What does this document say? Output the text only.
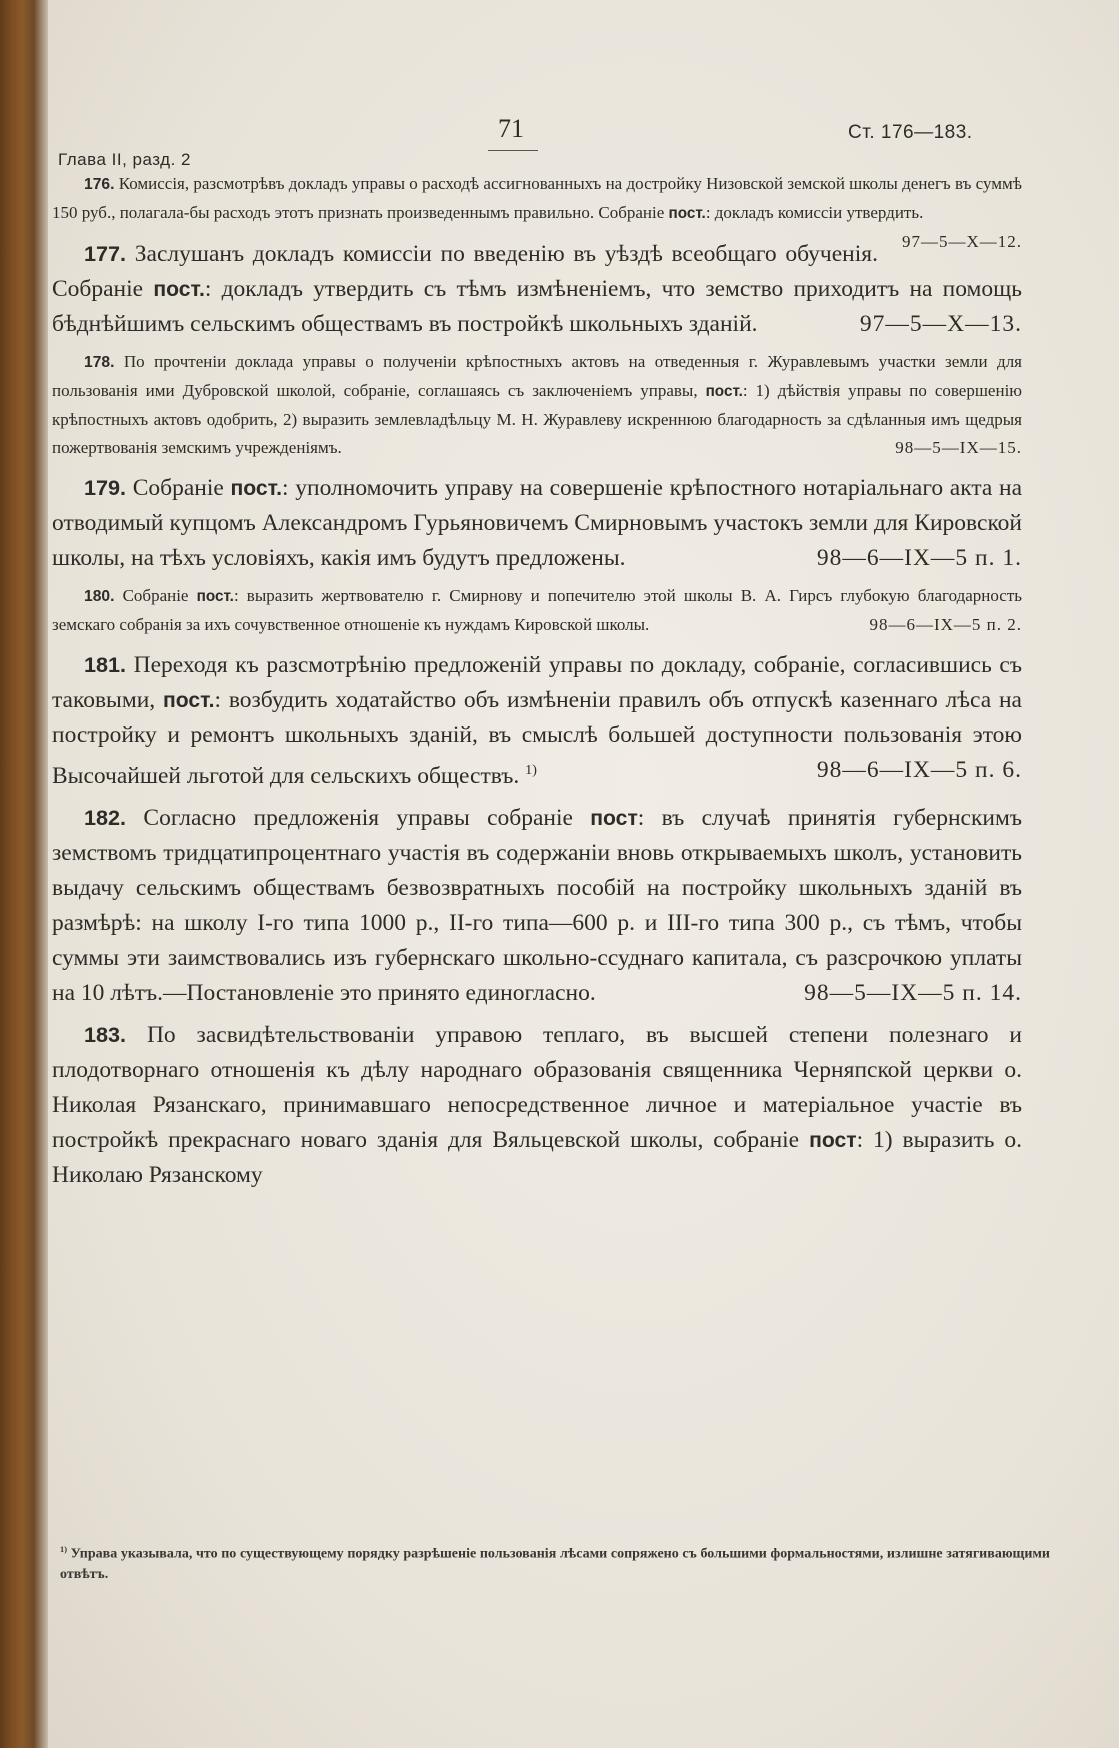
Глава II, разд. 2
71	Ст. 176—183.

176. Комиссія, разсмотрѣвъ докладъ управы о расходѣ ассигнованныхъ на достройку Низовской земской школы денегъ въ суммѣ 150 руб., полагала-бы расходъ этотъ признать произведеннымъ правильно. Собраніе пост.: докладъ комиссіи утвердить.
97—5—X—12.

177. Заслушанъ докладъ комиссіи по введенію въ уѣздѣ всеобщаго обученія. Собраніе пост.: докладъ утвердить съ тѣмъ измѣненіемъ, что земство приходитъ на помощь бѣднѣйшимъ сельскимъ обществамъ въ постройкѣ школьныхъ зданій.	97—5—X—13.

178. По прочтеніи доклада управы о полученіи крѣпостныхъ актовъ на отведенныя г. Журавлевымъ участки земли для пользованія ими Дубровской школой, собраніе, соглашаясь съ заключеніемъ управы, пост.: 1) дѣйствія управы по совершенію крѣпостныхъ актовъ одобрить, 2) выразить землевладѣльцу М. Н. Журавлеву искреннюю благодарность за сдѣланныя имъ щедрыя пожертвованія земскимъ учрежденіямъ.	98—5—IX—15.

179. Собраніе пост.: уполномочить управу на совершеніе крѣпостного нотаріальнаго акта на отводимый купцомъ Александромъ Гурьяновичемъ Смирновымъ участокъ земли для Кировской школы, на тѣхъ условіяхъ, какія имъ будутъ предложены.	98—6—IX—5 п. 1.

180. Собраніе пост.: выразить жертвователю г. Смирнову и попечителю этой школы В. А. Гирсъ глубокую благодарность земскаго собранія за ихъ сочувственное отношеніе къ нуждамъ Кировской школы.	98—6—IX—5 п. 2.

181. Переходя къ разсмотрѣнію предложеній управы по докладу, собраніе, согласившись съ таковыми, пост.: возбудить ходатайство объ измѣненіи правилъ объ отпускѣ казеннаго лѣса на постройку и ремонтъ школьныхъ зданій, въ смыслѣ большей доступности пользованія этою Высочайшей льготой для сельскихъ обществъ. $^{1)}$	98—6—IX—5 п. 6.

182. Согласно предложенія управы собраніе пост: въ случаѣ принятія губернскимъ земствомъ тридцатипроцентнаго участія въ содержаніи вновь открываемыхъ школъ, установить выдачу сельскимъ обществамъ безвозвратныхъ пособій на постройку школьныхъ зданій въ размѣрѣ: на школу I-го типа 1000 р., II-го типа—600 р. и III-го типа 300 р., съ тѣмъ, чтобы суммы эти заимствовались изъ губернскаго школьно-ссуднаго капитала, съ разсрочкою уплаты на 10 лѣтъ.—Постановленіе это принято единогласно.	98—5—IX—5 п. 14.

183. По засвидѣтельствованіи управою теплаго, въ высшей степени полезнаго и плодотворнаго отношенія къ дѣлу народнаго образованія священника Черняпской церкви о. Николая Рязанскаго, принимавшаго непосредственное личное и матеріальное участіе въ постройкѣ прекраснаго новаго зданія для Вяльцевской школы, собраніе пост: 1) выразить о. Николаю Рязанскому

$^{1)}$ Управа указывала, что по существующему порядку разрѣшеніе пользованія лѣсами сопряжено съ большими формальностями, излишне затягивающими отвѣтъ.
